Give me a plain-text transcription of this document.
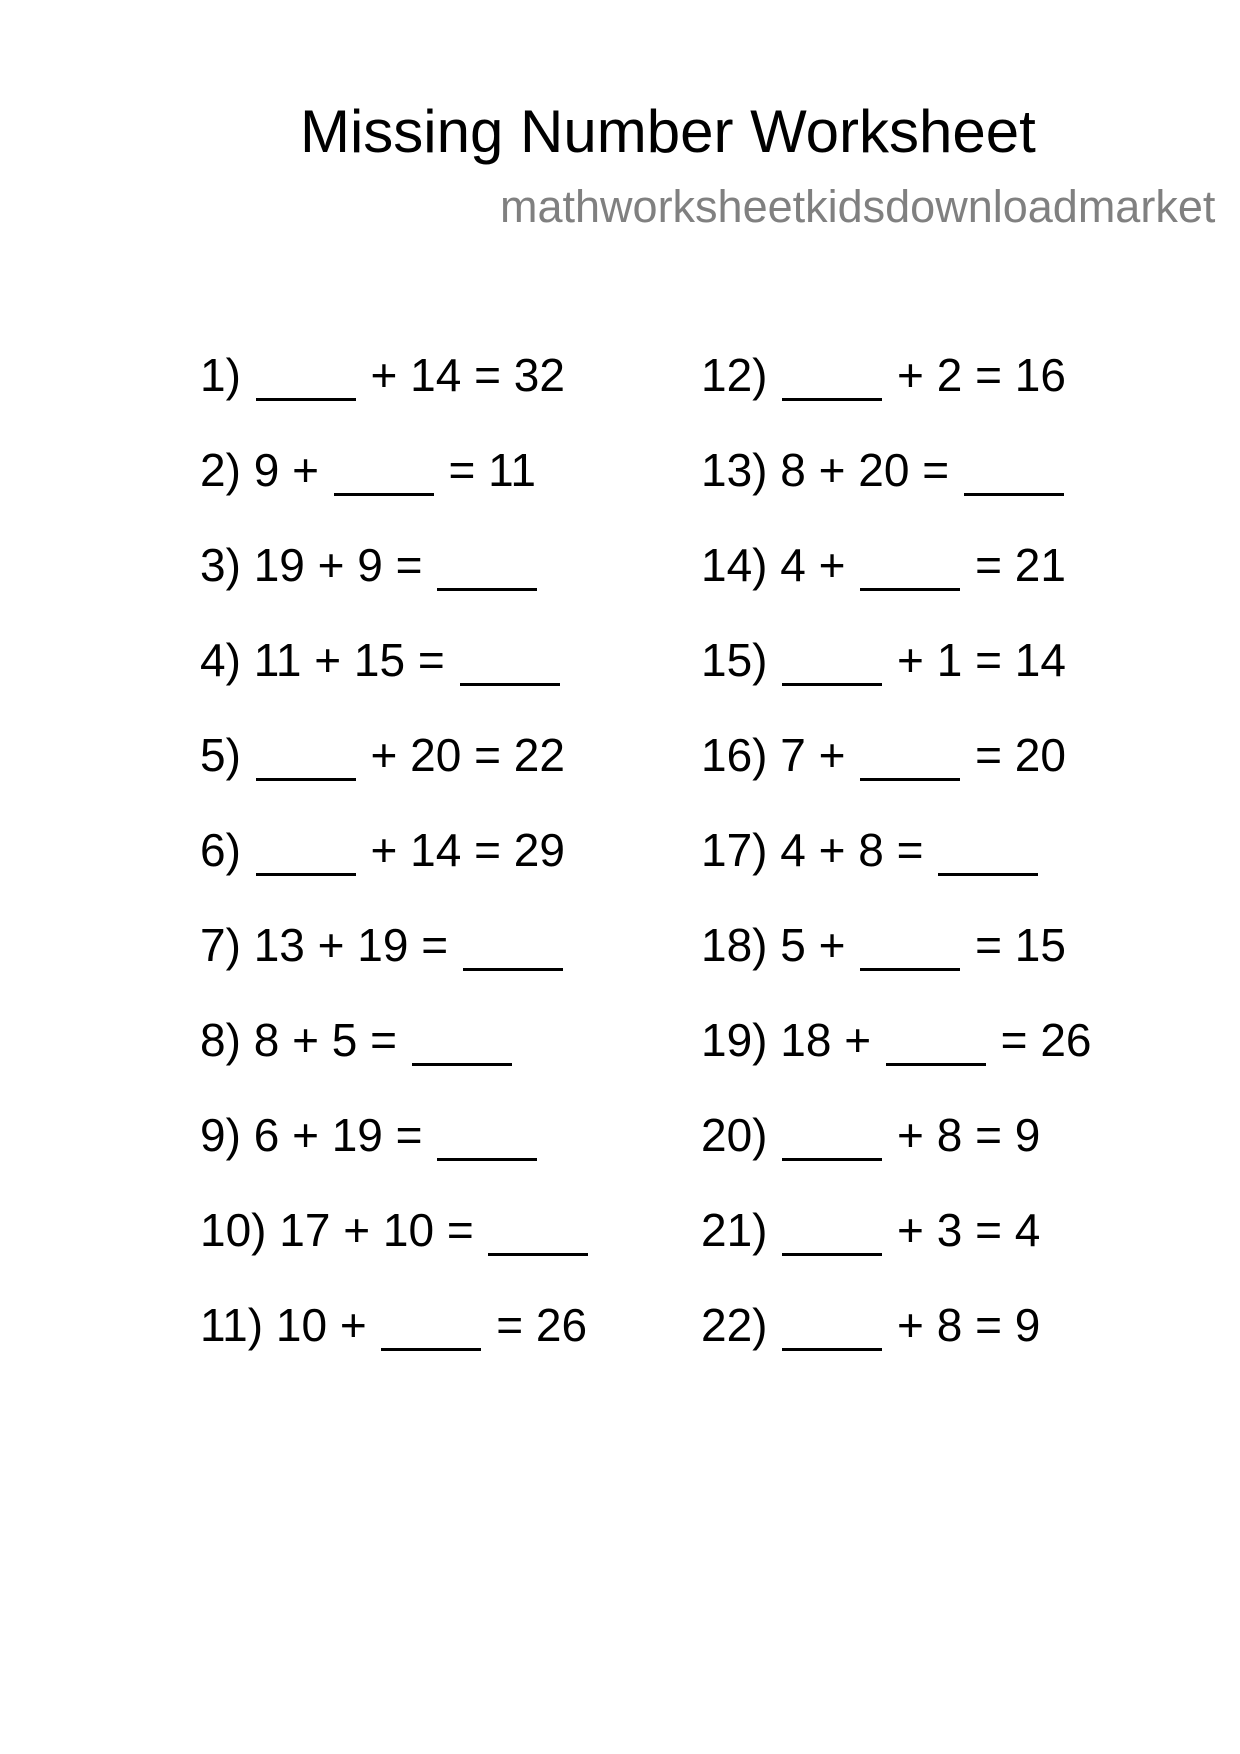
Missing Number Worksheet
mathworksheetkidsdownloadmarket
1)	+ 14 = 32
2) 9 +	= 11
3) 19 + 9 =
4) 11 + 15 =
5)	+ 20 = 22
6)	+ 14 = 29
7) 13 + 19 =
8) 8 + 5 =
9) 6 + 19 =
10) 17 + 10 =
11) 10 +	= 26
12)	+ 2 = 16
13) 8 + 20 =
14) 4 +	= 21
15)	+ 1 = 14
16) 7 +	= 20
17) 4 + 8 =
18) 5 +	= 15
19) 18 +	= 26
20)	+ 8 = 9
21)	+ 3 = 4
22)	+ 8 = 9
